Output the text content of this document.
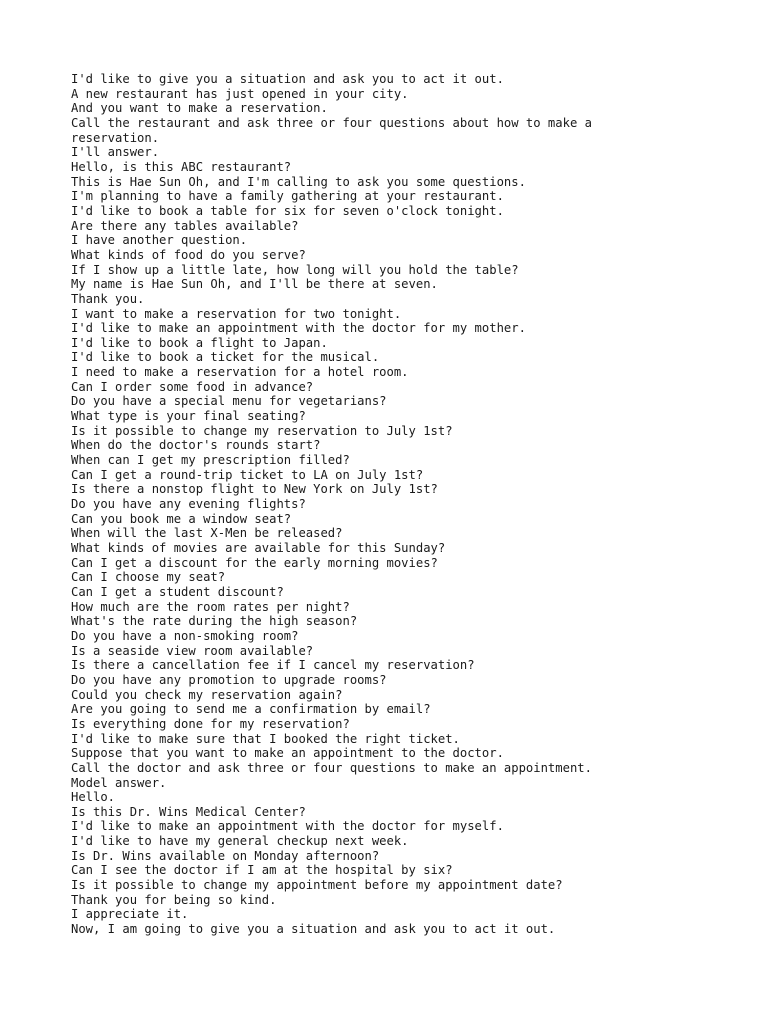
I'd like to give you a situation and ask you to act it out.
A new restaurant has just opened in your city.
And you want to make a reservation.
Call the restaurant and ask three or four questions about how to make a
reservation.
I'll answer.
Hello, is this ABC restaurant?
This is Hae Sun Oh, and I'm calling to ask you some questions.
I'm planning to have a family gathering at your restaurant.
I'd like to book a table for six for seven o'clock tonight.
Are there any tables available?
I have another question.
What kinds of food do you serve?
If I show up a little late, how long will you hold the table?
My name is Hae Sun Oh, and I'll be there at seven.
Thank you.
I want to make a reservation for two tonight.
I'd like to make an appointment with the doctor for my mother.
I'd like to book a flight to Japan.
I'd like to book a ticket for the musical.
I need to make a reservation for a hotel room.
Can I order some food in advance?
Do you have a special menu for vegetarians?
What type is your final seating?
Is it possible to change my reservation to July 1st?
When do the doctor's rounds start?
When can I get my prescription filled?
Can I get a round-trip ticket to LA on July 1st?
Is there a nonstop flight to New York on July 1st?
Do you have any evening flights?
Can you book me a window seat?
When will the last X-Men be released?
What kinds of movies are available for this Sunday?
Can I get a discount for the early morning movies?
Can I choose my seat?
Can I get a student discount?
How much are the room rates per night?
What's the rate during the high season?
Do you have a non-smoking room?
Is a seaside view room available?
Is there a cancellation fee if I cancel my reservation?
Do you have any promotion to upgrade rooms?
Could you check my reservation again?
Are you going to send me a confirmation by email?
Is everything done for my reservation?
I'd like to make sure that I booked the right ticket.
Suppose that you want to make an appointment to the doctor.
Call the doctor and ask three or four questions to make an appointment.
Model answer.
Hello.
Is this Dr. Wins Medical Center?
I'd like to make an appointment with the doctor for myself.
I'd like to have my general checkup next week.
Is Dr. Wins available on Monday afternoon?
Can I see the doctor if I am at the hospital by six?
Is it possible to change my appointment before my appointment date?
Thank you for being so kind.
I appreciate it.
Now, I am going to give you a situation and ask you to act it out.
